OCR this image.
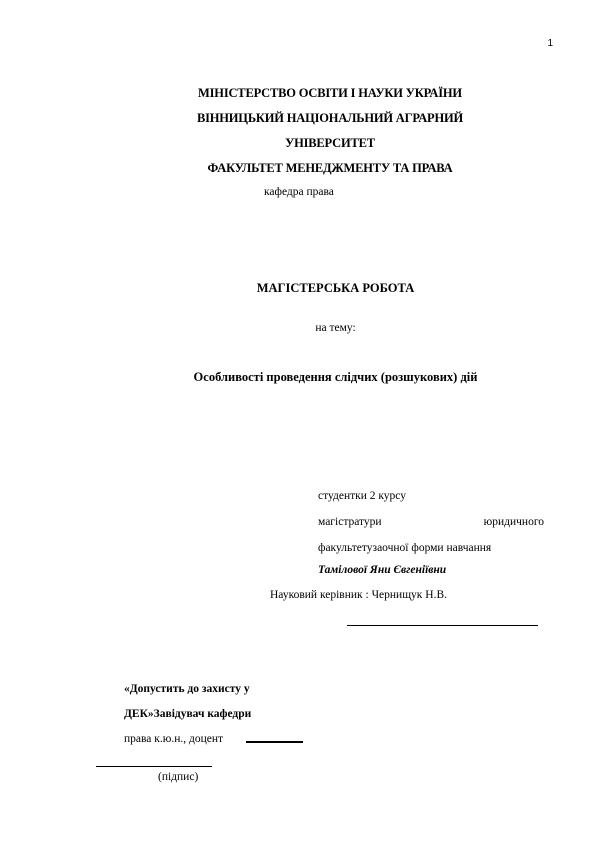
1
МІНІСТЕРСТВО ОСВІТИ І НАУКИ УКРАЇНИ
ВІННИЦЬКИЙ НАЦІОНАЛЬНИЙ АГРАРНИЙ
УНІВЕРСИТЕТ
ФАКУЛЬТЕТ МЕНЕДЖМЕНТУ ТА ПРАВА
кафедра права
МАГІСТЕРСЬКА РОБОТА
на тему:
Особливості проведення слідчих (розшукових) дій
студентки 2 курсу
магістратури	юридичного
факультетузаочної форми навчання
Тамілової Яни Євгеніївни
Науковий керівник : Чернищук Н.В.
«Допустить до захисту у
ДЕК»Завідувач кафедри
права к.ю.н., доцент
(підпис)
